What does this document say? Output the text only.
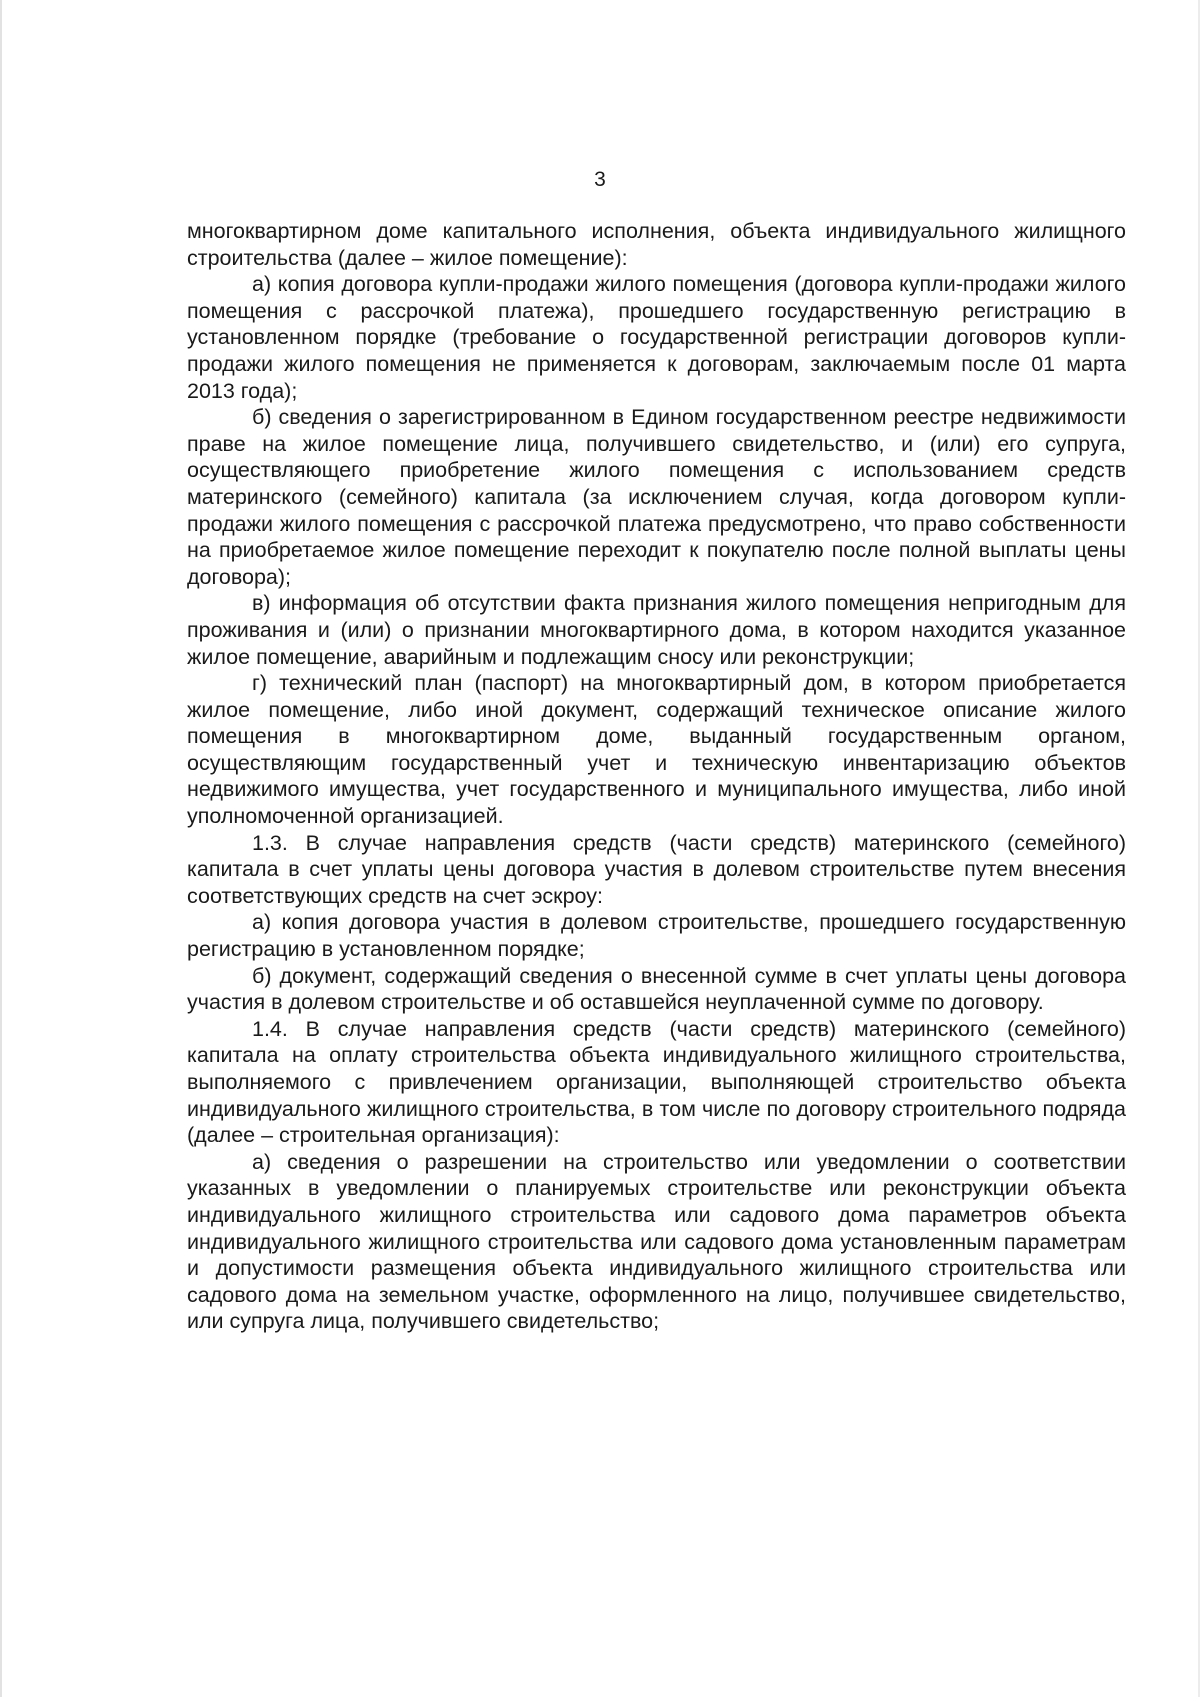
3

многоквартирном доме капитального исполнения, объекта индивидуального жилищного строительства (далее – жилое помещение):

а) копия договора купли-продажи жилого помещения (договора купли-продажи жилого помещения с рассрочкой платежа), прошедшего государственную регистрацию в установленном порядке (требование о государственной регистрации договоров купли-продажи жилого помещения не применяется к договорам, заключаемым после 01 марта 2013 года);

б) сведения о зарегистрированном в Едином государственном реестре недвижимости праве на жилое помещение лица, получившего свидетельство, и (или) его супруга, осуществляющего приобретение жилого помещения с использованием средств материнского (семейного) капитала (за исключением случая, когда договором купли-продажи жилого помещения с рассрочкой платежа предусмотрено, что право собственности на приобретаемое жилое помещение переходит к покупателю после полной выплаты цены договора);

в) информация об отсутствии факта признания жилого помещения непригодным для проживания и (или) о признании многоквартирного дома, в котором находится указанное жилое помещение, аварийным и подлежащим сносу или реконструкции;

г) технический план (паспорт) на многоквартирный дом, в котором приобретается жилое помещение, либо иной документ, содержащий техническое описание жилого помещения в многоквартирном доме, выданный государственным органом, осуществляющим государственный учет и техническую инвентаризацию объектов недвижимого имущества, учет государственного и муниципального имущества, либо иной уполномоченной организацией.

1.3. В случае направления средств (части средств) материнского (семейного) капитала в счет уплаты цены договора участия в долевом строительстве путем внесения соответствующих средств на счет эскроу:

а) копия договора участия в долевом строительстве, прошедшего государственную регистрацию в установленном порядке;

б) документ, содержащий сведения о внесенной сумме в счет уплаты цены договора участия в долевом строительстве и об оставшейся неуплаченной сумме по договору.

1.4. В случае направления средств (части средств) материнского (семейного) капитала на оплату строительства объекта индивидуального жилищного строительства, выполняемого с привлечением организации, выполняющей строительство объекта индивидуального жилищного строительства, в том числе по договору строительного подряда (далее – строительная организация):

а) сведения о разрешении на строительство или уведомлении о соответствии указанных в уведомлении о планируемых строительстве или реконструкции объекта индивидуального жилищного строительства или садового дома параметров объекта индивидуального жилищного строительства или садового дома установленным параметрам и допустимости размещения объекта индивидуального жилищного строительства или садового дома на земельном участке, оформленного на лицо, получившее свидетельство, или супруга лица, получившего свидетельство;
